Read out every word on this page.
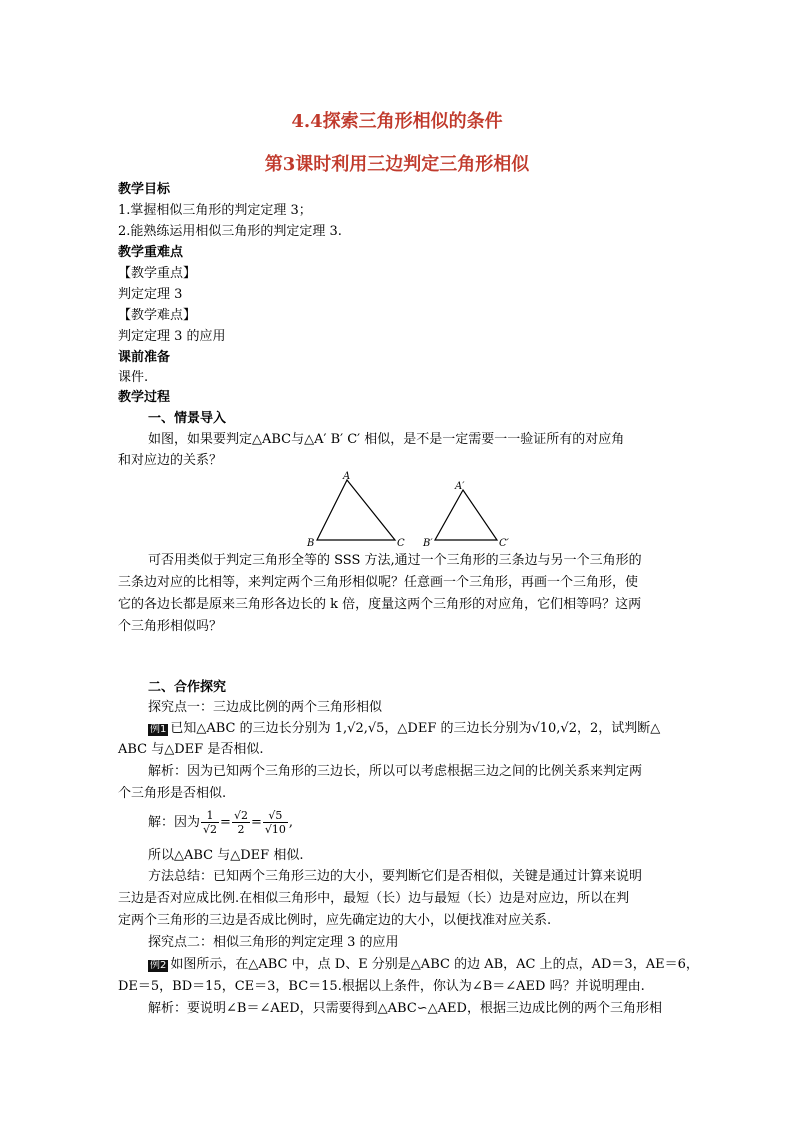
4.4探索三角形相似的条件
第3课时利用三边判定三角形相似
教学目标
1.掌握相似三角形的判定定理 3；
2.能熟练运用相似三角形的判定定理 3.
教学重难点
【教学重点】
判定定理 3
【教学难点】
判定定理 3 的应用
课前准备
课件.
教学过程
一、情景导入
如图，如果要判定△ABC与△A′ B′ C′ 相似，是不是一定需要一一验证所有的对应角
和对应边的关系？
A
B	C
A′
B′	C′
可否用类似于判定三角形全等的 SSS 方法,通过一个三角形的三条边与另一个三角形的
三条边对应的比相等，来判定两个三角形相似呢？任意画一个三角形，再画一个三角形，使
它的各边长都是原来三角形各边长的 k 倍，度量这两个三角形的对应角，它们相等吗？这两
个三角形相似吗？
二、合作探究
探究点一：三边成比例的两个三角形相似
例1 已知△ABC 的三边长分别为 1,√2,√5，△DEF 的三边长分别为√10,√2，2，试判断△
ABC 与△DEF 是否相似.
解析：因为已知两个三角形的三边长，所以可以考虑根据三边之间的比例关系来判定两
个三角形是否相似.
解：因为 $\frac{1}{√2} = \frac{√2}{2} = \frac{√5}{√10}$ ,
所以△ABC 与△DEF 相似.
方法总结：已知两个三角形三边的大小，要判断它们是否相似，关键是通过计算来说明
三边是否对应成比例.在相似三角形中，最短（长）边与最短（长）边是对应边，所以在判
定两个三角形的三边是否成比例时，应先确定边的大小，以便找准对应关系.
探究点二：相似三角形的判定定理 3 的应用
例2 如图所示，在△ABC 中，点 D、E 分别是△ABC 的边 AB，AC 上的点，AD＝3，AE＝6，
DE＝5，BD＝15，CE＝3，BC＝15.根据以上条件，你认为∠B＝∠AED 吗？并说明理由.
解析：要说明∠B＝∠AED，只需要得到△ABC∽△AED，根据三边成比例的两个三角形相
